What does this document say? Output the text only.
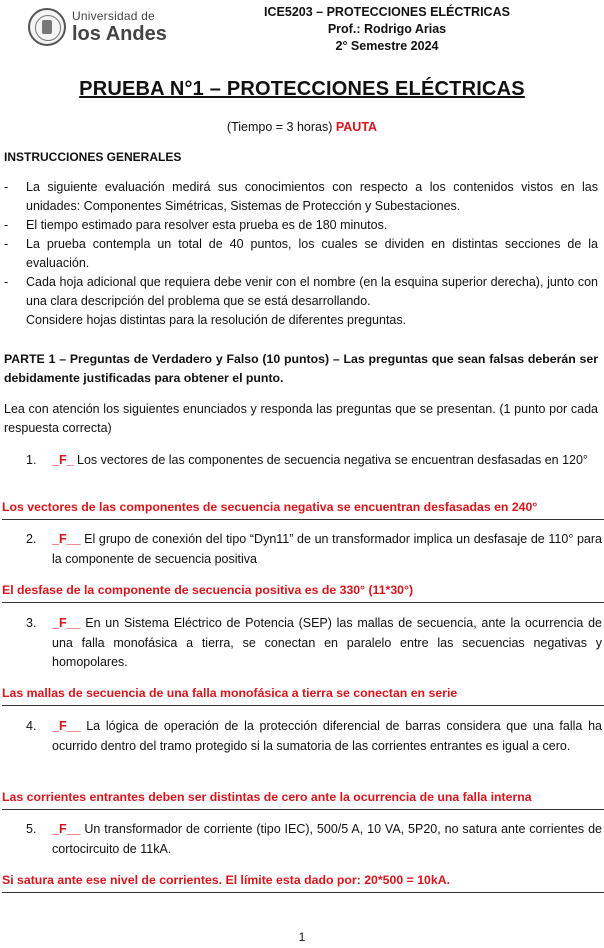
Universidad de
los Andes
ICE5203 – PROTECCIONES ELÉCTRICAS
Prof.: Rodrigo Arias
2° Semestre 2024
PRUEBA N°1 – PROTECCIONES ELÉCTRICAS
(Tiempo = 3 horas) PAUTA
INSTRUCCIONES GENERALES
-	La siguiente evaluación medirá sus conocimientos con respecto a los contenidos vistos en las unidades: Componentes Simétricas, Sistemas de Protección y Subestaciones.
-	El tiempo estimado para resolver esta prueba es de 180 minutos.
-	La prueba contempla un total de 40 puntos, los cuales se dividen en distintas secciones de la evaluación.
-	Cada hoja adicional que requiera debe venir con el nombre (en la esquina superior derecha), junto con una clara descripción del problema que se está desarrollando.
Considere hojas distintas para la resolución de diferentes preguntas.
PARTE 1 – Preguntas de Verdadero y Falso (10 puntos) – Las preguntas que sean falsas deberán ser debidamente justificadas para obtener el punto.
Lea con atención los siguientes enunciados y responda las preguntas que se presentan. (1 punto por cada respuesta correcta)
1.	_F_ Los vectores de las componentes de secuencia negativa se encuentran desfasadas en 120°
Los vectores de las componentes de secuencia negativa se encuentran desfasadas en 240°
2.	_F__ El grupo de conexión del tipo “Dyn11” de un transformador implica un desfasaje de 110° para la componente de secuencia positiva
El desfase de la componente de secuencia positiva es de 330° (11*30°)
3.	_F__ En un Sistema Eléctrico de Potencia (SEP) las mallas de secuencia, ante la ocurrencia de una falla monofásica a tierra, se conectan en paralelo entre las secuencias negativas y homopolares.
Las mallas de secuencia de una falla monofásica a tierra se conectan en serie
4.	_F__ La lógica de operación de la protección diferencial de barras considera que una falla ha ocurrido dentro del tramo protegido si la sumatoria de las corrientes entrantes es igual a cero.
Las corrientes entrantes deben ser distintas de cero ante la ocurrencia de una falla interna
5.	_F__ Un transformador de corriente (tipo IEC), 500/5 A, 10 VA, 5P20, no satura ante corrientes de cortocircuito de 11kA.
Si satura ante ese nivel de corrientes. El límite esta dado por: 20*500 = 10kA.
1
